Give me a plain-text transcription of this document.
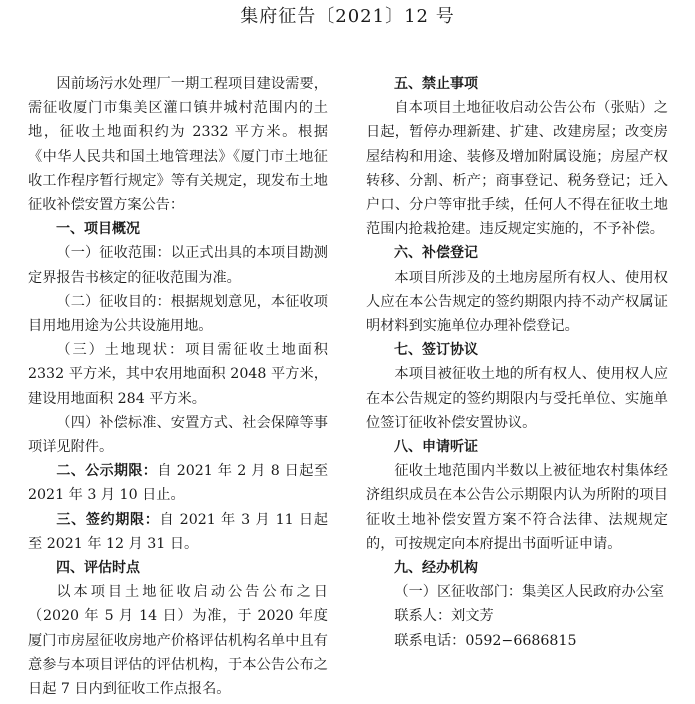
集府征告〔2021〕12 号

因前场污水处理厂一期工程项目建设需要，需征收厦门市集美区灌口镇井城村范围内的土地，征收土地面积约为 2332 平方米。根据《中华人民共和国土地管理法》《厦门市土地征收工作程序暂行规定》等有关规定，现发布土地征收补偿安置方案公告：

一、项目概况

（一）征收范围：以正式出具的本项目勘测定界报告书核定的征收范围为准。

（二）征收目的：根据规划意见，本征收项目用地用途为公共设施用地。

（三）土地现状：项目需征收土地面积 2332 平方米，其中农用地面积 2048 平方米，建设用地面积 284 平方米。

（四）补偿标准、安置方式、社会保障等事项详见附件。

二、公示期限：自 2021 年 2 月 8 日起至 2021 年 3 月 10 日止。

三、签约期限：自 2021 年 3 月 11 日起至 2021 年 12 月 31 日。

四、评估时点

以本项目土地征收启动公告公布之日（2020 年 5 月 14 日）为准，于 2020 年度厦门市房屋征收房地产价格评估机构名单中且有意参与本项目评估的评估机构，于本公告公布之日起 7 日内到征收工作点报名。

五、禁止事项

自本项目土地征收启动公告公布（张贴）之日起，暂停办理新建、扩建、改建房屋；改变房屋结构和用途、装修及增加附属设施；房屋产权转移、分割、析产；商事登记、税务登记；迁入户口、分户等审批手续，任何人不得在征收土地范围内抢栽抢建。违反规定实施的，不予补偿。

六、补偿登记

本项目所涉及的土地房屋所有权人、使用权人应在本公告规定的签约期限内持不动产权属证明材料到实施单位办理补偿登记。

七、签订协议

本项目被征收土地的所有权人、使用权人应在本公告规定的签约期限内与受托单位、实施单位签订征收补偿安置协议。

八、申请听证

征收土地范围内半数以上被征地农村集体经济组织成员在本公告公示期限内认为所附的项目征收土地补偿安置方案不符合法律、法规规定的，可按规定向本府提出书面听证申请。

九、经办机构

（一）区征收部门：集美区人民政府办公室

联系人：刘文芳

联系电话：0592−6686815
